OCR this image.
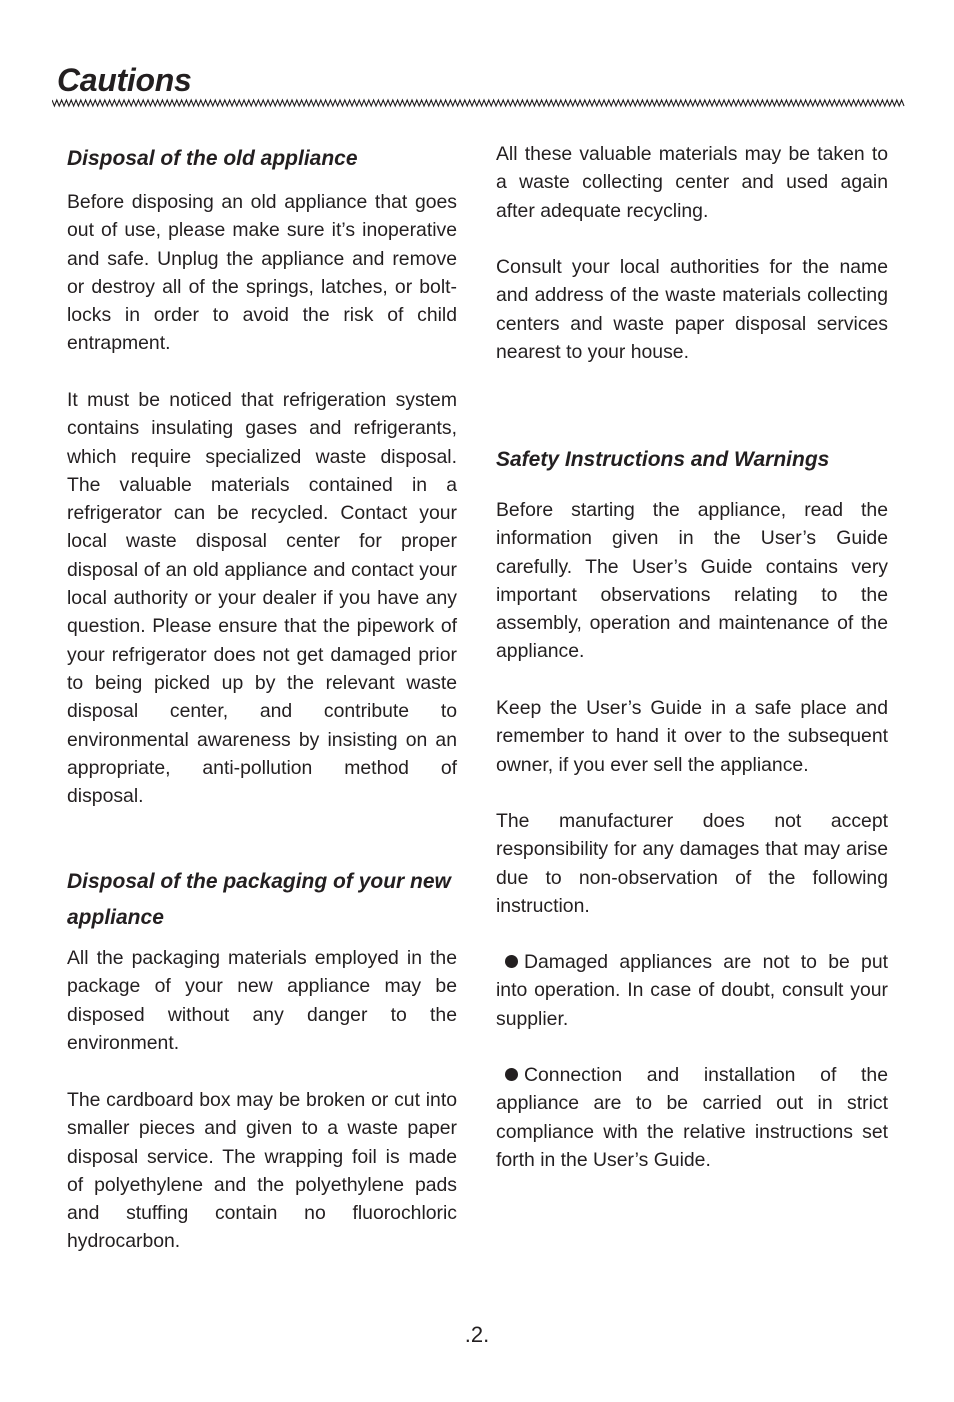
Cautions
Disposal of the old appliance

Before disposing an old appliance that goes out of use, please make sure it’s inoperative and safe. Unplug the appliance and remove or destroy all of the springs, latches, or bolt-locks in order to avoid the risk of child entrapment.

It must be noticed that refrigeration system contains insulating gases and refrigerants, which require specialized waste disposal. The valuable materials contained in a refrigerator can be recycled. Contact your local waste disposal center for proper disposal of an old appliance and contact your local authority or your dealer if you have any question. Please ensure that the pipework of your refrigerator does not get damaged prior to being picked up by the relevant waste disposal center, and contribute to environmental awareness by insisting on an appropriate, anti-pollution method of disposal.

Disposal of the packaging of your new appliance

All the packaging materials employed in the package of your new appliance may be disposed without any danger to the environment.

The cardboard box may be broken or cut into smaller pieces and given to a waste paper disposal service. The wrapping foil is made of polyethylene and the polyethylene pads and stuffing contain no fluorochloric hydrocarbon.

All these valuable materials may be taken to a waste collecting center and used again after adequate recycling.

Consult your local authorities for the name and address of the waste materials collecting centers and waste paper disposal services nearest to your house.

Safety Instructions and Warnings

Before starting the appliance, read the information given in the User’s Guide carefully. The User’s Guide contains very important observations relating to the assembly, operation and maintenance of the appliance.

Keep the User’s Guide in a safe place and remember to hand it over to the subsequent owner, if you ever sell the appliance.

The manufacturer does not accept responsibility for any damages that may arise due to non-observation of the following instruction.

Damaged appliances are not to be put into operation. In case of doubt, consult your supplier.

Connection and installation of the appliance are to be carried out in strict compliance with the relative instructions set forth in the User’s Guide.

.2.
